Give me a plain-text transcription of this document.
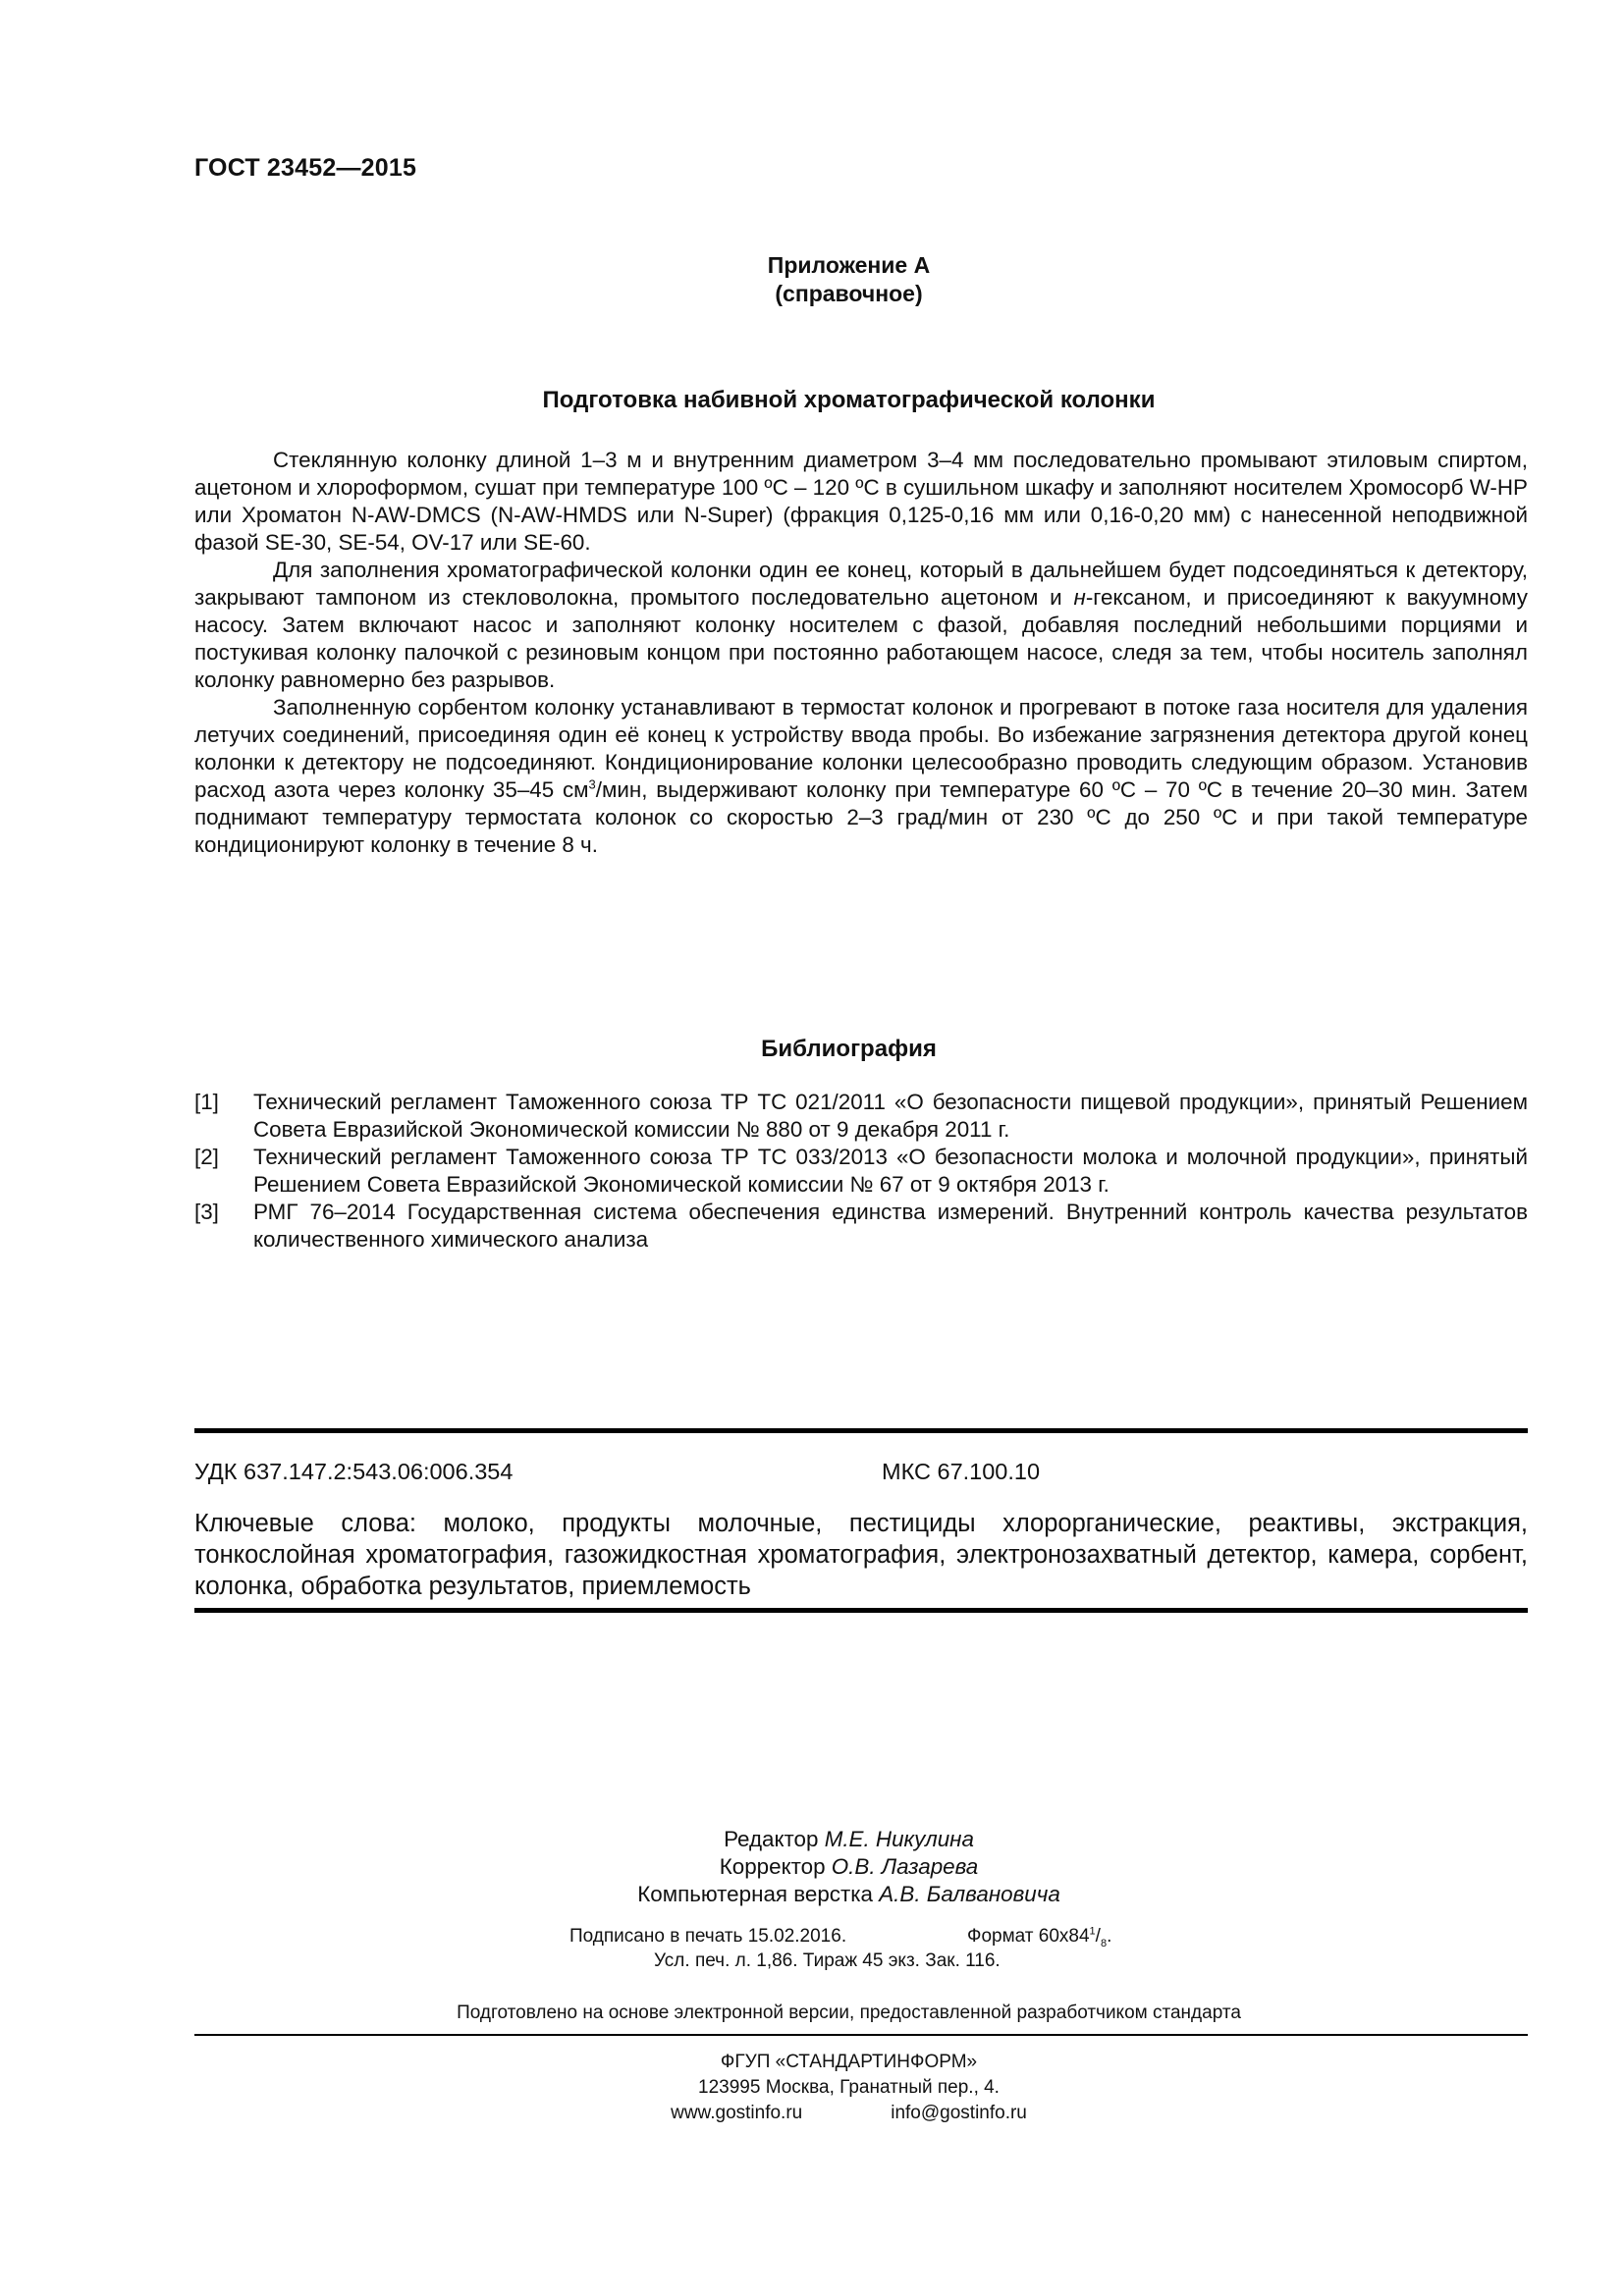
ГОСТ 23452—2015
Приложение А
(справочное)
Подготовка набивной хроматографической колонки

Стеклянную колонку длиной 1–3 м и внутренним диаметром 3–4 мм последовательно промывают этиловым спиртом, ацетоном и хлороформом, сушат при температуре 100 ºС – 120 ºС в сушильном шкафу и заполняют носителем Хромосорб W-HP или Хроматон N-AW-DMCS (N-AW-HMDS или N-Super) (фракция 0,125-0,16 мм или 0,16-0,20 мм) с нанесенной неподвижной фазой SE-30, SE-54, OV-17 или SE-60.

Для заполнения хроматографической колонки один ее конец, который в дальнейшем будет подсоединяться к детектору, закрывают тампоном из стекловолокна, промытого последовательно ацетоном и н-гексаном, и присоединяют к вакуумному насосу. Затем включают насос и заполняют колонку носителем с фазой, добавляя последний небольшими порциями и постукивая колонку палочкой с резиновым концом при постоянно работающем насосе, следя за тем, чтобы носитель заполнял колонку равномерно без разрывов.

Заполненную сорбентом колонку устанавливают в термостат колонок и прогревают в потоке газа носителя для удаления летучих соединений, присоединяя один её конец к устройству ввода пробы. Во избежание загрязнения детектора другой конец колонки к детектору не подсоединяют. Кондиционирование колонки целесообразно проводить следующим образом. Установив расход азота через колонку 35–45 $см^3$/мин, выдерживают колонку при температуре 60 ºС – 70 ºС в течение 20–30 мин. Затем поднимают температуру термостата колонок со скоростью 2–3 град/мин от 230 ºС до 250 ºС и при такой температуре кондиционируют колонку в течение 8 ч.

Библиография
[1] Технический регламент Таможенного союза ТР ТС 021/2011 «О безопасности пищевой продукции», принятый Решением Совета Евразийской Экономической комиссии № 880 от 9 декабря 2011 г.
[2] Технический регламент Таможенного союза ТР ТС 033/2013 «О безопасности молока и молочной продукции», принятый Решением Совета Евразийской Экономической комиссии № 67 от 9 октября 2013 г.
[3] РМГ 76–2014 Государственная система обеспечения единства измерений. Внутренний контроль качества результатов количественного химического анализа
УДК 637.147.2:543.06:006.354	МКС 67.100.10
Ключевые слова: молоко, продукты молочные, пестициды хлорорганические, реактивы, экстракция, тонкослойная хроматография, газожидкостная хроматография, электронозахватный детектор, камера, сорбент, колонка, обработка результатов, приемлемость
Редактор М.Е. Никулина
Корректор О.В. Лазарева
Компьютерная верстка А.В. Балвановича
Подписано в печать 15.02.2016.	Формат $60х84^1/_8$.
Усл. печ. л. 1,86. Тираж 45 экз. Зак. 116.
Подготовлено на основе электронной версии, предоставленной разработчиком стандарта
ФГУП «СТАНДАРТИНФОРМ»
123995 Москва, Гранатный пер., 4.
www.gostinfo.ru	info@gostinfo.ru
